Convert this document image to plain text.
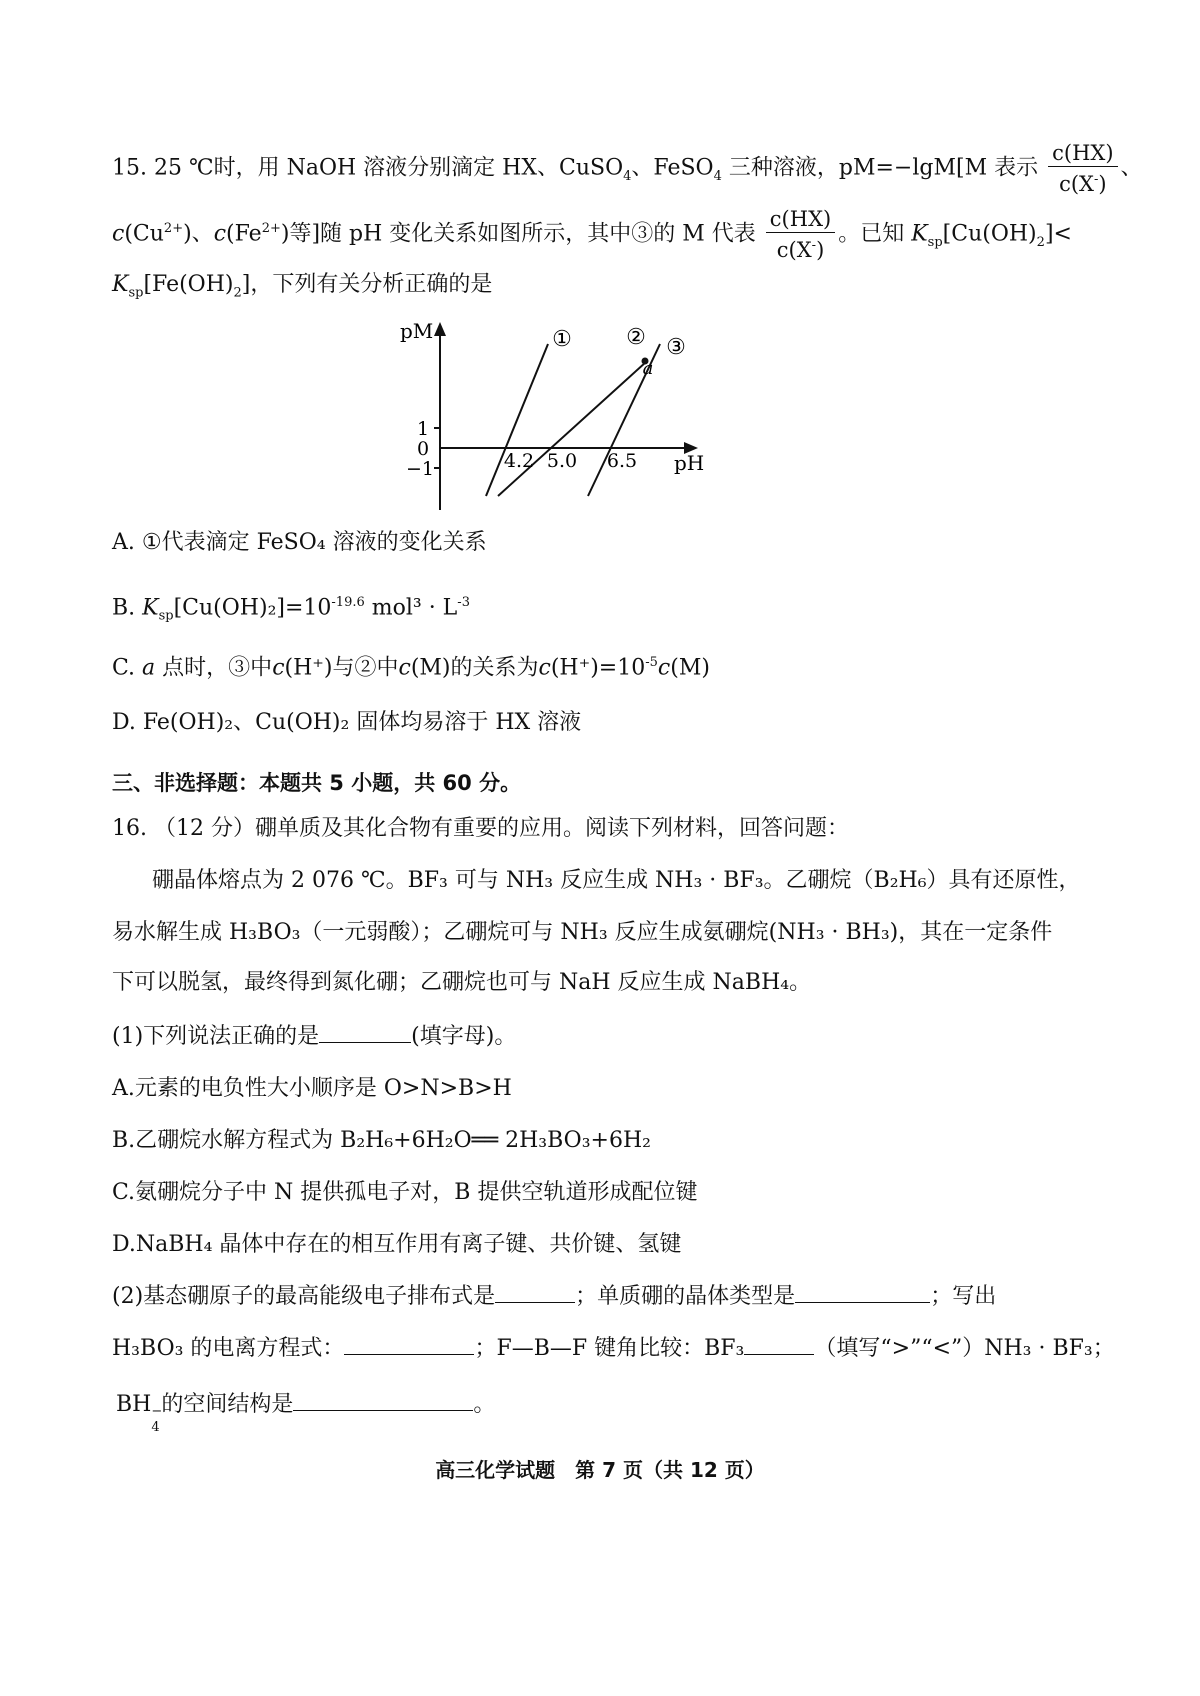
15. 25 ℃时，用 NaOH 溶液分别滴定 HX、CuSO$_4$、FeSO$_4$ 三种溶液，pM=−lgM[M 表示 $\frac{c(HX)}{c(X^-)}$ 、
$c(Cu^{2+})$、$c(Fe^{2+})$等]随 pH 变化关系如图所示，其中③的 M 代表 $\frac{c(HX)}{c(X^-)}$ 。已知 $K_{sp}[Cu(OH)_2]<$
$K_{sp}[Fe(OH)_2]$，下列有关分析正确的是
pM
pH
1
0
−1	4.2 5.0 6.5
① ② ③
a
A. ①代表滴定 FeSO₄ 溶液的变化关系
B. $K_{sp}[Cu(OH)_2]=10^{-19.6}$ $mol^3 \cdot L^{-3}$
C. a 点时，③中c(H⁺)与②中c(M)的关系为$c(H^+)=10^{-5}c(M)$
D. Fe(OH)₂、Cu(OH)₂ 固体均易溶于 HX 溶液
三、非选择题：本题共 5 小题，共 60 分。
16. （12 分）硼单质及其化合物有重要的应用。阅读下列材料，回答问题：
硼晶体熔点为 2 076 ℃。BF₃ 可与 NH₃ 反应生成 NH₃ · BF₃。乙硼烷（B₂H₆）具有还原性，
易水解生成 H₃BO₃（一元弱酸）；乙硼烷可与 NH₃ 反应生成氨硼烷(NH₃ · BH₃)，其在一定条件
下可以脱氢，最终得到氮化硼；乙硼烷也可与 NaH 反应生成 NaBH₄。
(1)下列说法正确的是	(填字母)。
A.元素的电负性大小顺序是 O>N>B>H
B.乙硼烷水解方程式为 B₂H₆+6H₂O══ 2H₃BO₃+6H₂
C.氨硼烷分子中 N 提供孤电子对，B 提供空轨道形成配位键
D.NaBH₄ 晶体中存在的相互作用有离子键、共价键、氢键
(2)基态硼原子的最高能级电子排布式是	；单质硼的晶体类型是	；写出
H₃BO₃ 的电离方程式：	；F—B—F 键角比较：BF₃	（填写“>”“<”）NH₃ · BF₃；
BH −
4
的空间结构是	。
高三化学试题　第 7 页（共 12 页）
